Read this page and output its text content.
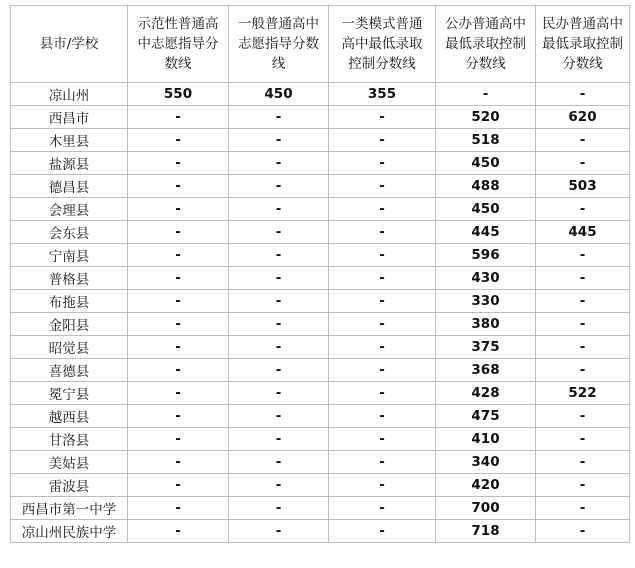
县市/学校	示范性普通高中志愿指导分数线	一般普通高中志愿指导分数线	一类模式普通高中最低录取控制分数线	公办普通高中最低录取控制分数线	民办普通高中最低录取控制分数线
凉山州	550	450	355	-	-
西昌市	-	-	-	520	620
木里县	-	-	-	518	-
盐源县	-	-	-	450	-
德昌县	-	-	-	488	503
会理县	-	-	-	450	-
会东县	-	-	-	445	445
宁南县	-	-	-	596	-
普格县	-	-	-	430	-
布拖县	-	-	-	330	-
金阳县	-	-	-	380	-
昭觉县	-	-	-	375	-
喜德县	-	-	-	368	-
冕宁县	-	-	-	428	522
越西县	-	-	-	475	-
甘洛县	-	-	-	410	-
美姑县	-	-	-	340	-
雷波县	-	-	-	420	-
西昌市第一中学	-	-	-	700	-
凉山州民族中学	-	-	-	718	-
